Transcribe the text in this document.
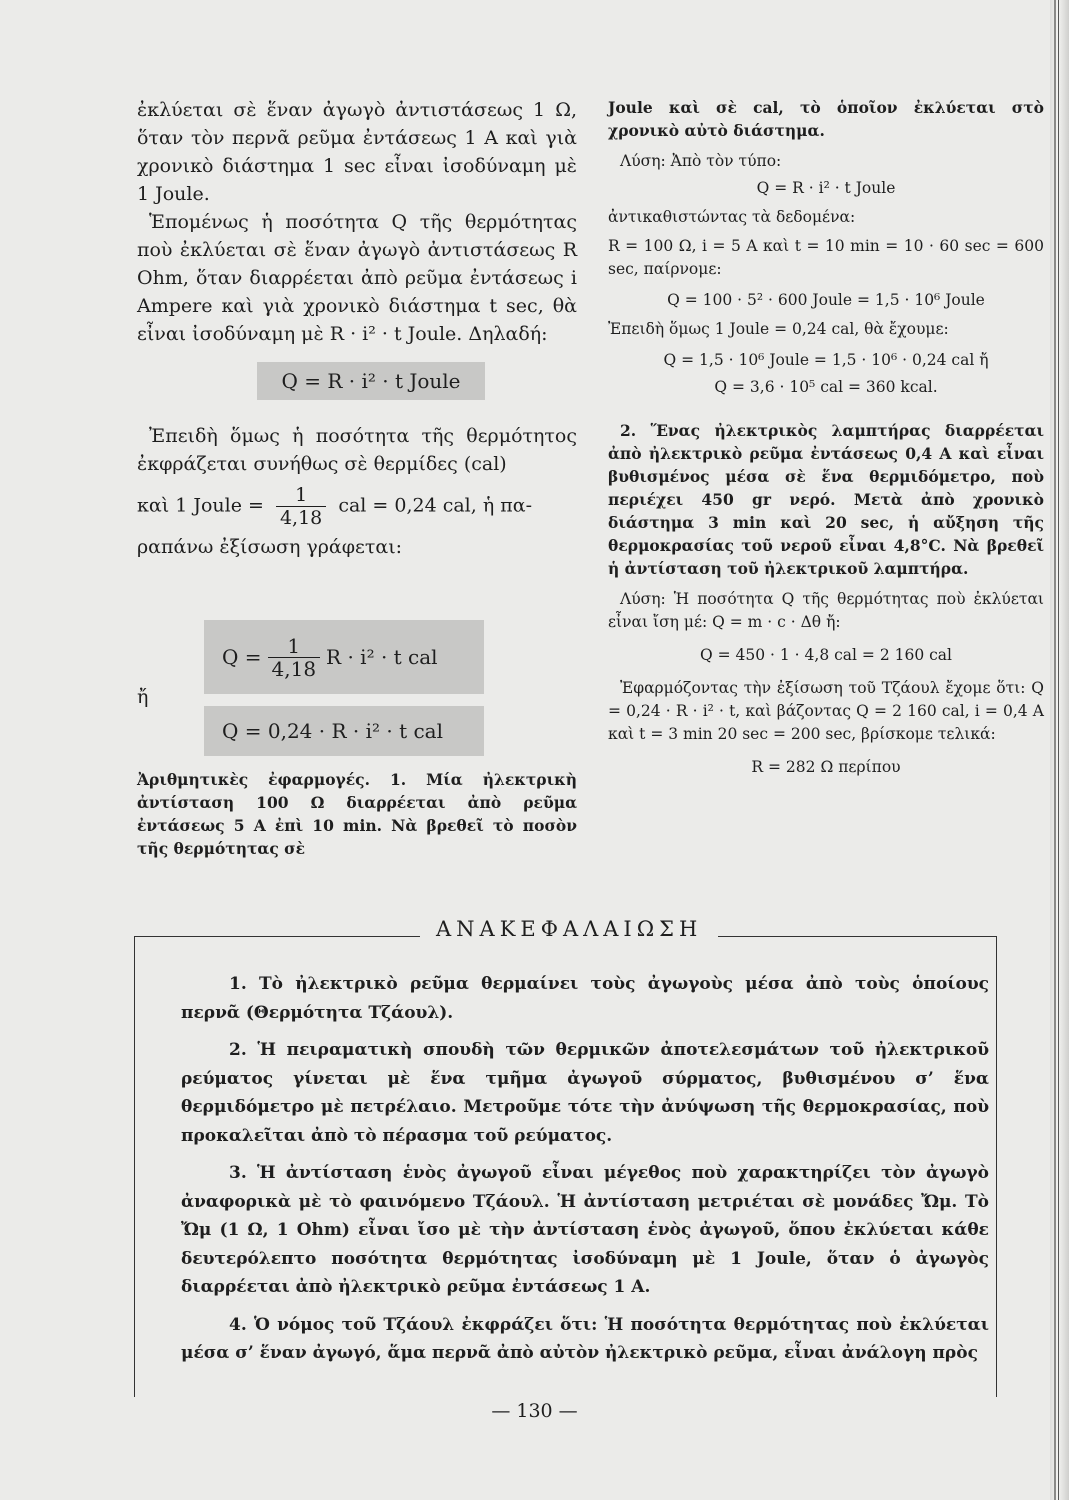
ἐκλύεται σὲ ἕναν ἀγωγὸ ἀντιστάσεως 1 Ω, ὅταν τὸν περνᾶ ρεῦμα ἐντάσεως 1 Α καὶ γιὰ χρονικὸ διάστημα 1 sec εἶναι ἰσοδύναμη μὲ 1 Joule.

Ἑπομένως ἡ ποσότητα Q τῆς θερμότητας ποὺ ἐκλύεται σὲ ἕναν ἀγωγὸ ἀντιστάσεως R Ohm, ὅταν διαρρέεται ἀπὸ ρεῦμα ἐντάσεως i Ampere καὶ γιὰ χρονικὸ διάστημα t sec, θὰ εἶναι ἰσοδύναμη μὲ R · i² · t Joule. Δηλαδή:

Q = R · i² · t Joule

Ἐπειδὴ ὅμως ἡ ποσότητα τῆς θερμότητος ἐκφράζεται συνήθως σὲ θερμίδες (cal)

καὶ 1 Joule = $\frac{1}{4,18}$ cal = 0,24 cal, ἡ πα-

ραπάνω ἐξίσωση γράφεται:

$Q = \frac{1}{4,18}$ R · i² · t cal
ἤ
Q = 0,24 · R · i² · t cal
Ἀριθμητικὲς ἐφαρμογές. 1. Μία ἠλεκτρικὴ ἀντίσταση 100 Ω διαρρέεται ἀπὸ ρεῦμα ἐντάσεως 5 A ἐπὶ 10 min. Νὰ βρεθεῖ τὸ ποσὸν τῆς θερμότητας σὲ

Joule καὶ σὲ cal, τὸ ὁποῖον ἐκλύεται στὸ χρονικὸ αὐτὸ διάστημα.

Λύση: Ἀπὸ τὸν τύπο:

Q = R · i² · t Joule

ἀντικαθιστώντας τὰ δεδομένα:

R = 100 Ω, i = 5 A καὶ t = 10 min = 10 · 60 sec = 600 sec, παίρνομε:

Q = 100 · 5² · 600 Joule = 1,5 · 10⁶ Joule

Ἐπειδὴ ὅμως 1 Joule = 0,24 cal, θὰ ἔχουμε:

Q = 1,5 · 10⁶ Joule = 1,5 · 10⁶ · 0,24 cal ἤ

Q = 3,6 · 10⁵ cal = 360 kcal.

2. Ἕνας ἠλεκτρικὸς λαμπτήρας διαρρέεται ἀπὸ ἠλεκτρικὸ ρεῦμα ἐντάσεως 0,4 A καὶ εἶναι βυθισμένος μέσα σὲ ἕνα θερμιδόμετρο, ποὺ περιέχει 450 gr νερό. Μετὰ ἀπὸ χρονικὸ διάστημα 3 min καὶ 20 sec, ἡ αὔξηση τῆς θερμοκρασίας τοῦ νεροῦ εἶναι 4,8°C. Νὰ βρεθεῖ ἡ ἀντίσταση τοῦ ἠλεκτρικοῦ λαμπτήρα.

Λύση: Ἡ ποσότητα Q τῆς θερμότητας ποὺ ἐκλύεται εἶναι ἴση μέ: Q = m · c · Δθ ἤ:

Q = 450 · 1 · 4,8 cal = 2 160 cal

Ἐφαρμόζοντας τὴν ἐξίσωση τοῦ Τζάουλ ἔχομε ὅτι: Q = 0,24 · R · i² · t, καὶ βάζοντας Q = 2 160 cal, i = 0,4 A καὶ t = 3 min 20 sec = 200 sec, βρίσκομε τελικά:

R = 282 Ω περίπου

ΑΝΑΚΕΦΑΛΑΙΩΣΗ

1. Τὸ ἠλεκτρικὸ ρεῦμα θερμαίνει τοὺς ἀγωγοὺς μέσα ἀπὸ τοὺς ὁποίους περνᾶ (Θερμότητα Τζάουλ).

2. Ἡ πειραματικὴ σπουδὴ τῶν θερμικῶν ἀποτελεσμάτων τοῦ ἠλεκτρικοῦ ρεύματος γίνεται μὲ ἕνα τμῆμα ἀγωγοῦ σύρματος, βυθισμένου σ’ ἕνα θερμιδόμετρο μὲ πετρέλαιο. Μετροῦμε τότε τὴν ἀνύψωση τῆς θερμοκρασίας, ποὺ προκαλεῖται ἀπὸ τὸ πέρασμα τοῦ ρεύματος.

3. Ἡ ἀντίσταση ἑνὸς ἀγωγοῦ εἶναι μέγεθος ποὺ χαρακτηρίζει τὸν ἀγωγὸ ἀναφορικὰ μὲ τὸ φαινόμενο Τζάουλ. Ἡ ἀντίσταση μετριέται σὲ μονάδες Ὤμ. Τὸ Ὤμ (1 Ω, 1 Ohm) εἶναι ἴσο μὲ τὴν ἀντίσταση ἑνὸς ἀγωγοῦ, ὅπου ἐκλύεται κάθε δευτερόλεπτο ποσότητα θερμότητας ἰσοδύναμη μὲ 1 Joule, ὅταν ὁ ἀγωγὸς διαρρέεται ἀπὸ ἠλεκτρικὸ ρεῦμα ἐντάσεως 1 Α.

4. Ὁ νόμος τοῦ Τζάουλ ἐκφράζει ὅτι: Ἡ ποσότητα θερμότητας ποὺ ἐκλύεται μέσα σ’ ἕναν ἀγωγό, ἅμα περνᾶ ἀπὸ αὐτὸν ἠλεκτρικὸ ρεῦμα, εἶναι ἀνάλογη πρὸς

— 130 —
